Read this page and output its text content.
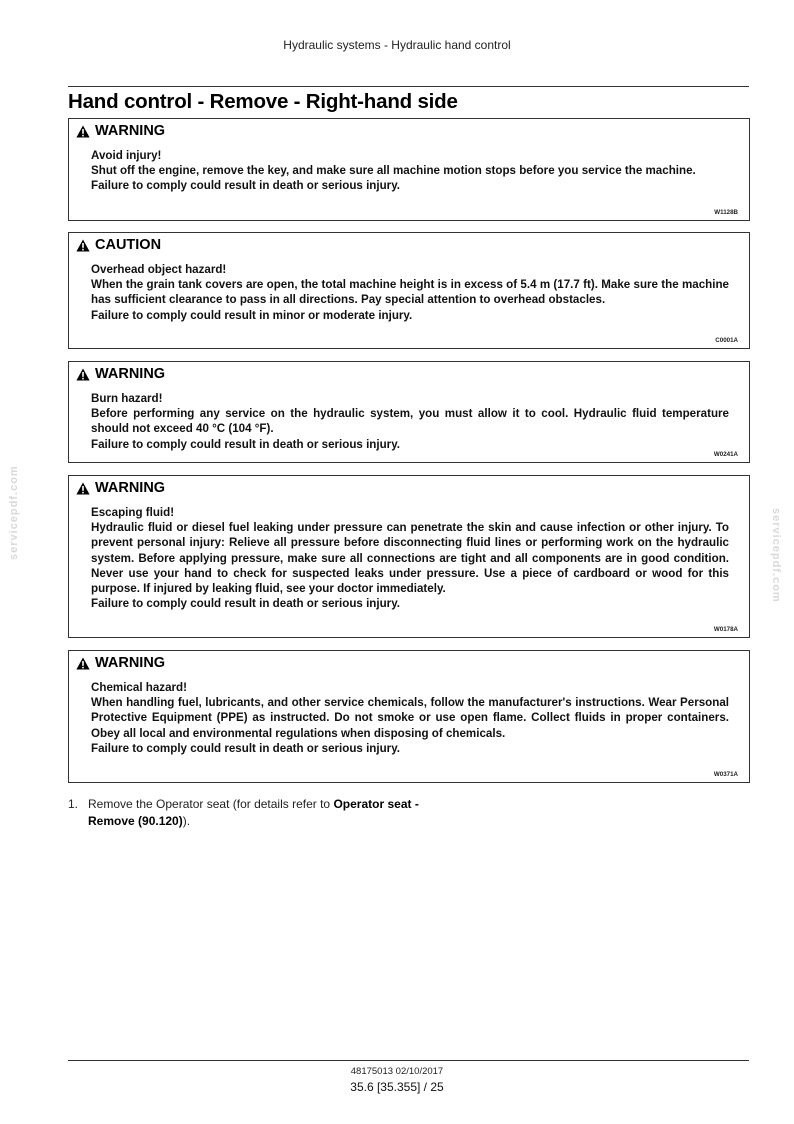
Hydraulic systems - Hydraulic hand control
Hand control - Remove - Right-hand side
WARNING
Avoid injury!
Shut off the engine, remove the key, and make sure all machine motion stops before you service the machine.
Failure to comply could result in death or serious injury.
W1128B
CAUTION
Overhead object hazard!
When the grain tank covers are open, the total machine height is in excess of 5.4 m (17.7 ft). Make sure the machine has sufficient clearance to pass in all directions. Pay special attention to overhead obstacles.
Failure to comply could result in minor or moderate injury.
C0001A
WARNING
Burn hazard!
Before performing any service on the hydraulic system, you must allow it to cool. Hydraulic fluid temperature should not exceed 40 °C (104 °F).
Failure to comply could result in death or serious injury.
W0241A
WARNING
Escaping fluid!
Hydraulic fluid or diesel fuel leaking under pressure can penetrate the skin and cause infection or other injury. To prevent personal injury: Relieve all pressure before disconnecting fluid lines or performing work on the hydraulic system. Before applying pressure, make sure all connections are tight and all components are in good condition. Never use your hand to check for suspected leaks under pressure. Use a piece of cardboard or wood for this purpose. If injured by leaking fluid, see your doctor immediately.
Failure to comply could result in death or serious injury.
W0178A
WARNING
Chemical hazard!
When handling fuel, lubricants, and other service chemicals, follow the manufacturer's instructions. Wear Personal Protective Equipment (PPE) as instructed. Do not smoke or use open flame. Collect fluids in proper containers. Obey all local and environmental regulations when disposing of chemicals.
Failure to comply could result in death or serious injury.
W0371A
servicepdf.com	servicepdf.com
1. Remove the Operator seat (for details refer to Operator seat - Remove (90.120)).
48175013 02/10/2017
35.6 [35.355] / 25
